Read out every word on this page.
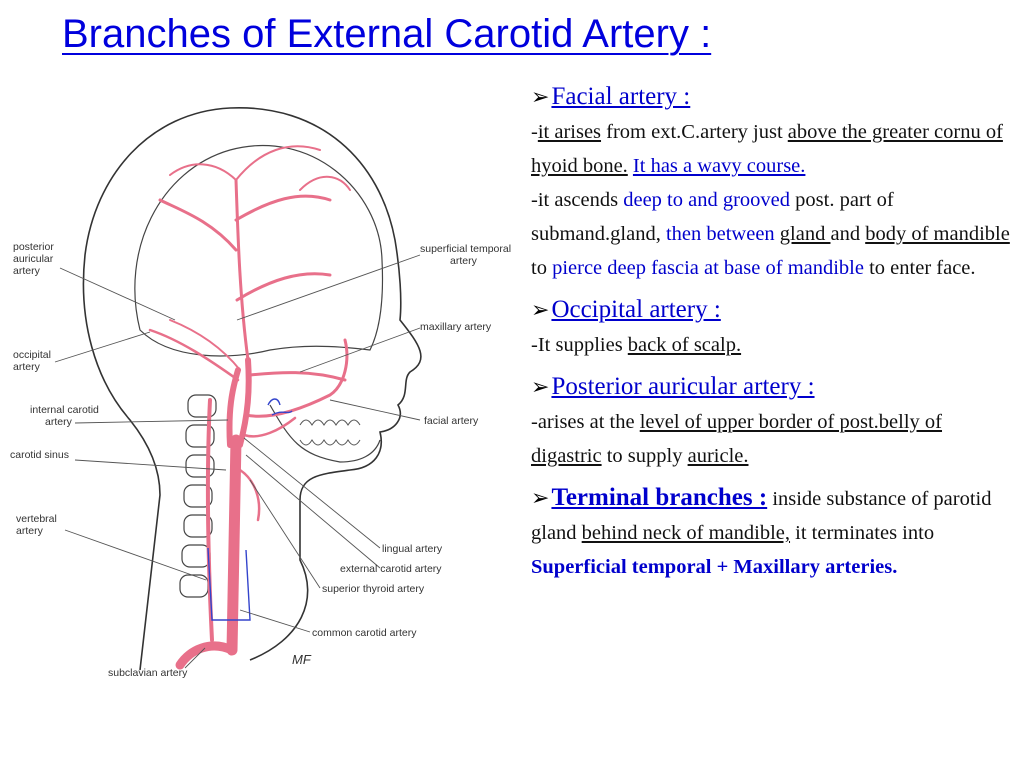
Branches of External Carotid Artery :
posterior
auricular
artery
occipital
artery
internal carotid
artery
carotid sinus
vertebral
artery
subclavian artery
superficial temporal
artery
maxillary artery
facial artery
lingual artery
external carotid artery
superior thyroid artery
common carotid artery
MF
➢Facial artery :
-it arises from ext.C.artery just above the greater cornu of hyoid bone. It has a wavy course.
-it ascends deep to and grooved post. part of submand.gland, then between gland and body of mandible to pierce deep fascia at base of mandible to enter face.
➢Occipital artery :
-It supplies back of scalp.
➢Posterior auricular artery :
-arises at the level of upper border of post.belly of digastric to supply auricle.
➢Terminal branches : inside substance of parotid gland behind neck of mandible, it terminates into Superficial temporal + Maxillary arteries.
